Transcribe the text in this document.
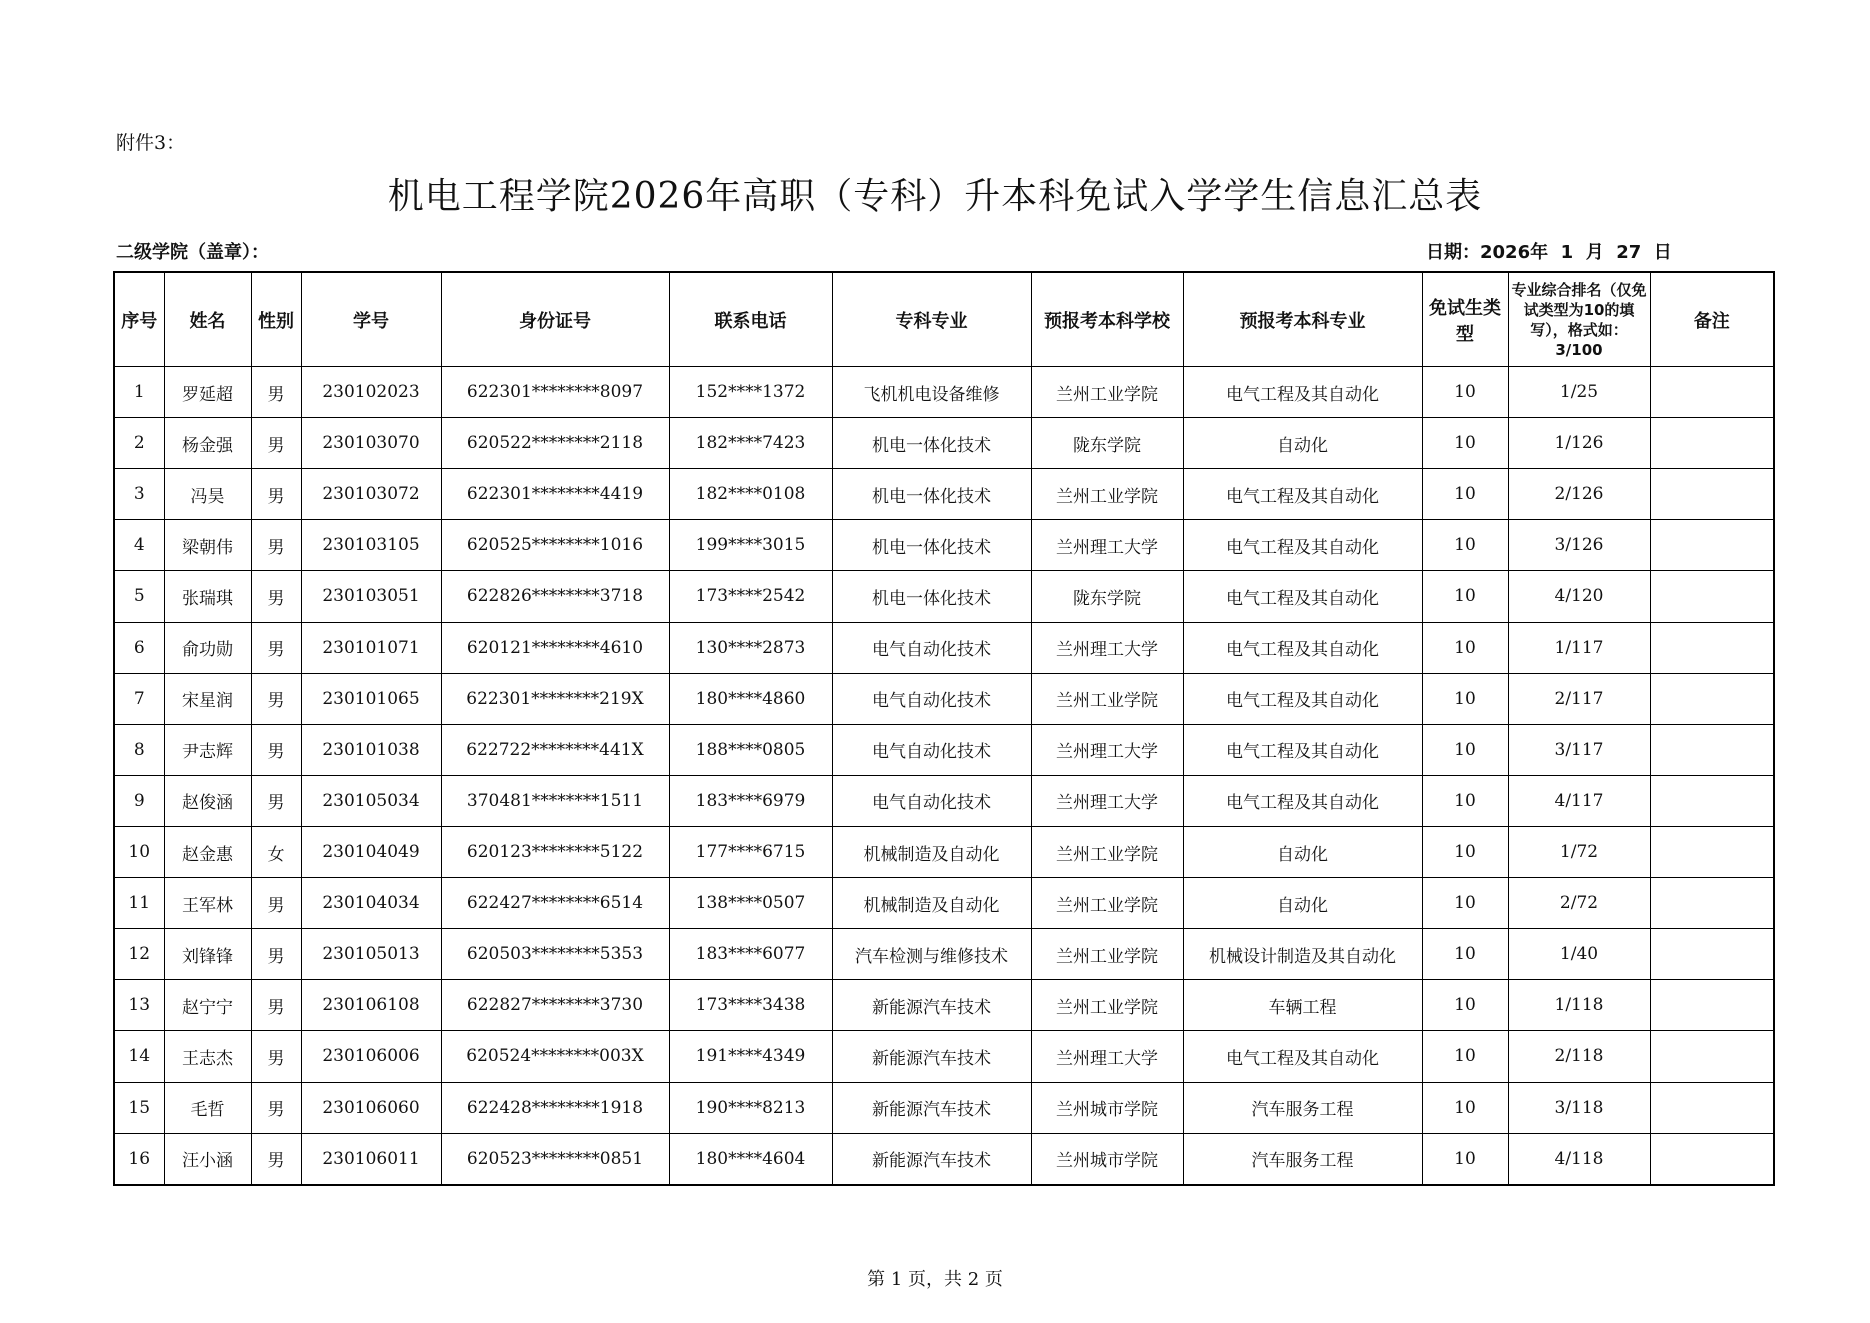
附件3：
机电工程学院2026年高职（专科）升本科免试入学学生信息汇总表
二级学院（盖章）：	日期：2026年  1  月  27  日
序号	姓名	性别	学号	身份证号	联系电话	专科专业	预报考本科学校	预报考本科专业	免试生类型	专业综合排名（仅免试类型为10的填写），格式如：3/100	备注
1	罗延超	男	230102023	622301********8097	152****1372	飞机机电设备维修	兰州工业学院	电气工程及其自动化	10	1/25	
2	杨金强	男	230103070	620522********2118	182****7423	机电一体化技术	陇东学院	自动化	10	1/126	
3	冯昊	男	230103072	622301********4419	182****0108	机电一体化技术	兰州工业学院	电气工程及其自动化	10	2/126	
4	梁朝伟	男	230103105	620525********1016	199****3015	机电一体化技术	兰州理工大学	电气工程及其自动化	10	3/126	
5	张瑞琪	男	230103051	622826********3718	173****2542	机电一体化技术	陇东学院	电气工程及其自动化	10	4/120	
6	俞功勋	男	230101071	620121********4610	130****2873	电气自动化技术	兰州理工大学	电气工程及其自动化	10	1/117	
7	宋星润	男	230101065	622301********219X	180****4860	电气自动化技术	兰州工业学院	电气工程及其自动化	10	2/117	
8	尹志辉	男	230101038	622722********441X	188****0805	电气自动化技术	兰州理工大学	电气工程及其自动化	10	3/117	
9	赵俊涵	男	230105034	370481********1511	183****6979	电气自动化技术	兰州理工大学	电气工程及其自动化	10	4/117	
10	赵金惠	女	230104049	620123********5122	177****6715	机械制造及自动化	兰州工业学院	自动化	10	1/72	
11	王军林	男	230104034	622427********6514	138****0507	机械制造及自动化	兰州工业学院	自动化	10	2/72	
12	刘锋锋	男	230105013	620503********5353	183****6077	汽车检测与维修技术	兰州工业学院	机械设计制造及其自动化	10	1/40	
13	赵宁宁	男	230106108	622827********3730	173****3438	新能源汽车技术	兰州工业学院	车辆工程	10	1/118	
14	王志杰	男	230106006	620524********003X	191****4349	新能源汽车技术	兰州理工大学	电气工程及其自动化	10	2/118	
15	毛哲	男	230106060	622428********1918	190****8213	新能源汽车技术	兰州城市学院	汽车服务工程	10	3/118	
16	汪小涵	男	230106011	620523********0851	180****4604	新能源汽车技术	兰州城市学院	汽车服务工程	10	4/118	
第 1 页，共 2 页
